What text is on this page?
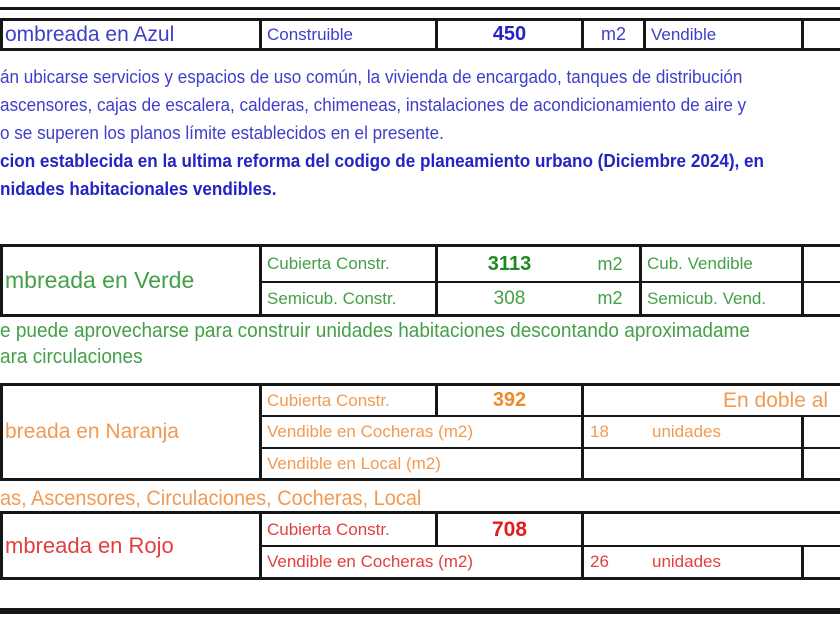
ombreada en Azul	Construible	450	m2	Vendible
án ubicarse servicios y espacios de uso común, la vivienda de encargado, tanques de distribución
ascensores, cajas de escalera, calderas, chimeneas, instalaciones de acondicionamiento de aire y
o se superen los planos límite establecidos en el presente.
cion establecida en la ultima reforma del codigo de planeamiento urbano (Diciembre 2024), en
nidades habitacionales vendibles.
mbreada en Verde
Cubierta Constr.	3113	m2	Cub. Vendible
Semicub. Constr.	308	m2	Semicub. Vend.
e puede aprovecharse para construir unidades habitaciones descontando aproximadame
ara circulaciones
breada en Naranja
Cubierta Constr.	392	En doble al
Vendible en Cocheras (m2)	18	unidades
Vendible en Local (m2)
as, Ascensores, Circulaciones, Cocheras, Local
mbreada en Rojo
Cubierta Constr.	708
Vendible en Cocheras (m2)	26	unidades
